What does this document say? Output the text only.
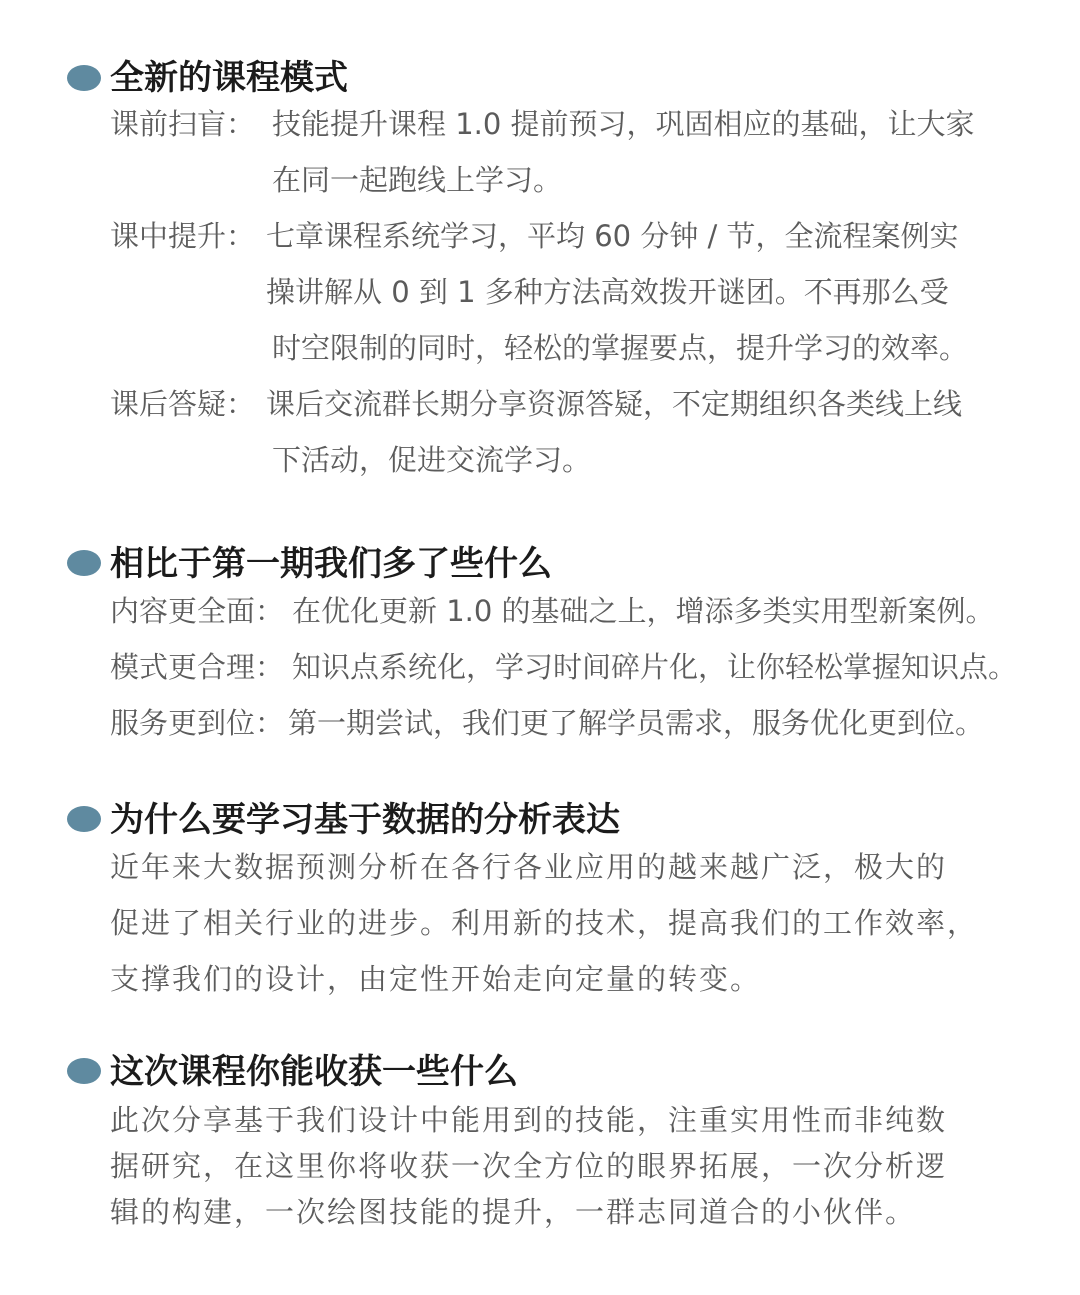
全新的课程模式
课前扫盲： 技能提升课程 1.0 提前预习，巩固相应的基础，让大家
在同一起跑线上学习。
课中提升： 七章课程系统学习，平均 60 分钟 / 节，全流程案例实
操讲解从 0 到 1 多种方法高效拨开谜团。不再那么受
时空限制的同时，轻松的掌握要点，提升学习的效率。
课后答疑： 课后交流群长期分享资源答疑，不定期组织各类线上线
下活动，促进交流学习。
相比于第一期我们多了些什么
内容更全面： 在优化更新 1.0 的基础之上，增添多类实用型新案例。
模式更合理： 知识点系统化，学习时间碎片化，让你轻松掌握知识点。
服务更到位： 第一期尝试，我们更了解学员需求，服务优化更到位。
为什么要学习基于数据的分析表达
近年来大数据预测分析在各行各业应用的越来越广泛，极大的
促进了相关行业的进步。利用新的技术，提高我们的工作效率，
支撑我们的设计，由定性开始走向定量的转变。
这次课程你能收获一些什么
此次分享基于我们设计中能用到的技能，注重实用性而非纯数
据研究，在这里你将收获一次全方位的眼界拓展，一次分析逻
辑的构建，一次绘图技能的提升，一群志同道合的小伙伴。
